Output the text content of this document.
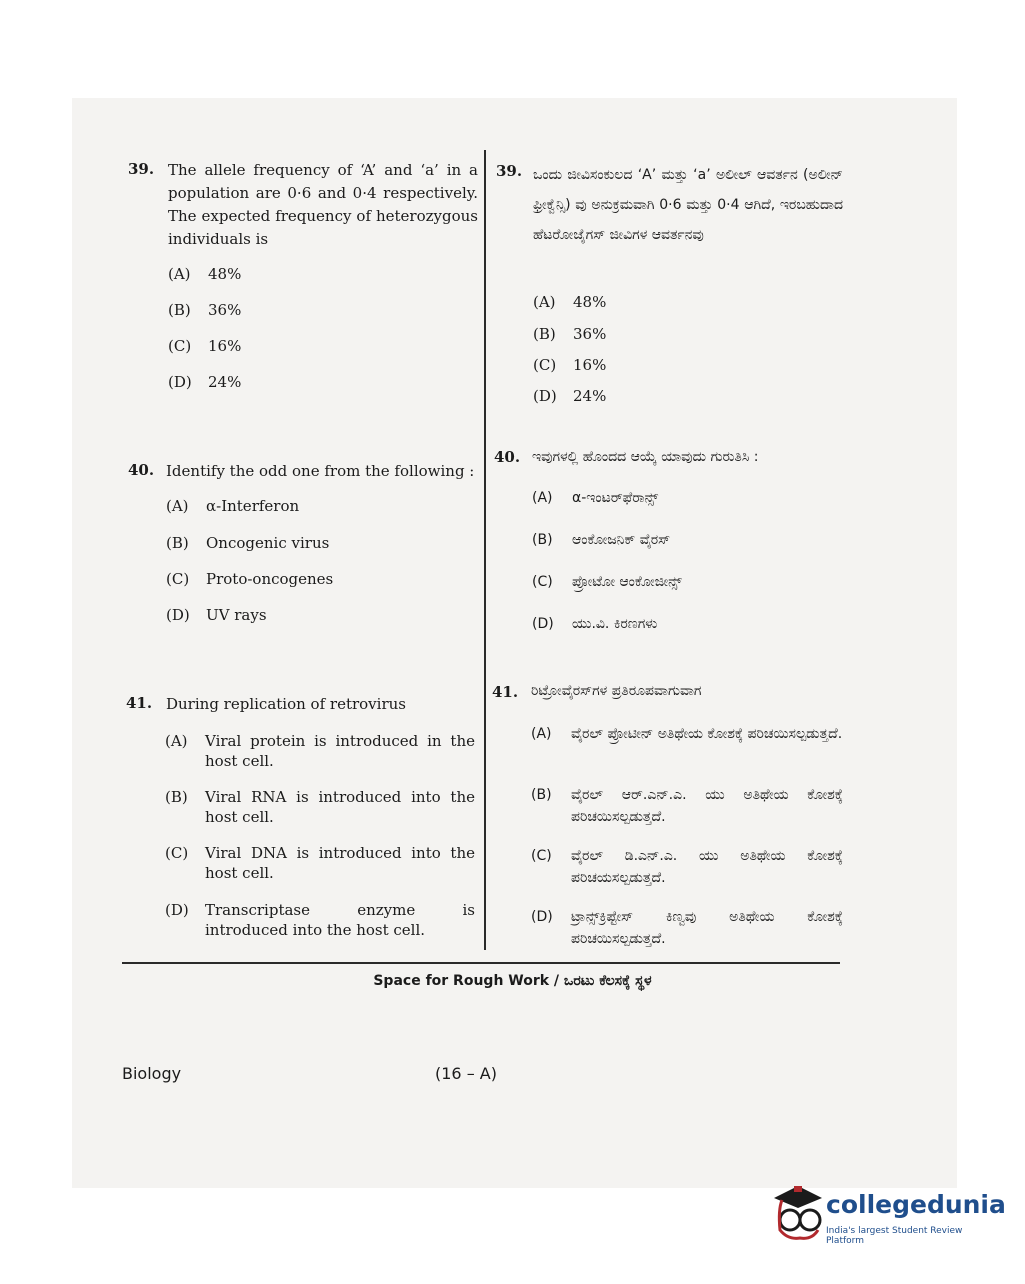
39. The allele frequency of ‘A’ and ‘a’ in a population are 0·6 and 0·4 respectively. The expected frequency of heterozygous individuals is
(A) 48%
(B) 36%
(C) 16%
(D) 24%
40. Identify the odd one from the following :
(A) α-Interferon
(B) Oncogenic virus
(C) Proto-oncogenes
(D) UV rays
41. During replication of retrovirus
(A) Viral protein is introduced in the host cell.
(B) Viral RNA is introduced into the host cell.
(C) Viral DNA is introduced into the host cell.
(D) Transcriptase enzyme is introduced into the host cell.
39. ಒಂದು ಜೀವಿಸಂಕುಲದ ‘A’ ಮತ್ತು ‘a’ ಅಲೀಲ್ ಆವರ್ತನ (ಅಲೀನ್ ಫ್ರೀಕ್ವೆನ್ಸಿ) ವು ಅನುಕ್ರಮವಾಗಿ 0·6 ಮತ್ತು 0·4 ಆಗಿದೆ, ಇರಬಹುದಾದ ಹೆಟರೋಜೈಗಸ್ ಜೀವಿಗಳ ಆವರ್ತನವು
(A) 48%
(B) 36%
(C) 16%
(D) 24%
40. ಇವುಗಳಲ್ಲಿ ಹೊಂದದ ಆಯ್ಕೆ ಯಾವುದು ಗುರುತಿಸಿ :
(A) α-ಇಂಟರ್‌ಫೆರಾನ್ಸ್
(B) ಆಂಕೋಜನಿಕ್ ವೈರಸ್
(C) ಪ್ರೋಟೋ ಆಂಕೋಜೀನ್ಸ್
(D) ಯು.ವಿ. ಕಿರಣಗಳು
41. ರಿಟ್ರೋವೈರಸ್‌ಗಳ ಪ್ರತಿರೂಪವಾಗುವಾಗ
(A) ವೈರಲ್ ಪ್ರೋಟೀನ್ ಅತಿಥೇಯ ಕೋಶಕ್ಕೆ ಪರಿಚಯಿಸಲ್ಪಡುತ್ತದೆ.
(B) ವೈರಲ್ ಆರ್.ಎನ್.ಎ. ಯು ಅತಿಥೇಯ ಕೋಶಕ್ಕೆ ಪರಿಚಯಿಸಲ್ಪಡುತ್ತದೆ.
(C) ವೈರಲ್ ಡಿ.ಎನ್.ಎ. ಯು ಅತಿಥೇಯ ಕೋಶಕ್ಕೆ ಪರಿಚಯಸಲ್ಪಡುತ್ತದೆ.
(D) ಟ್ರಾನ್ಸ್‌ಕ್ರಿಪ್ಟೇಸ್ ಕಿಣ್ವವು ಅತಿಥೇಯ ಕೋಶಕ್ಕೆ ಪರಿಚಯಿಸಲ್ಪಡುತ್ತದೆ.
Space for Rough Work / ಒರಟು ಕೆಲಸಕ್ಕೆ ಸ್ಥಳ
Biology	(16 – A)
collegedunia
India's largest Student Review Platform
